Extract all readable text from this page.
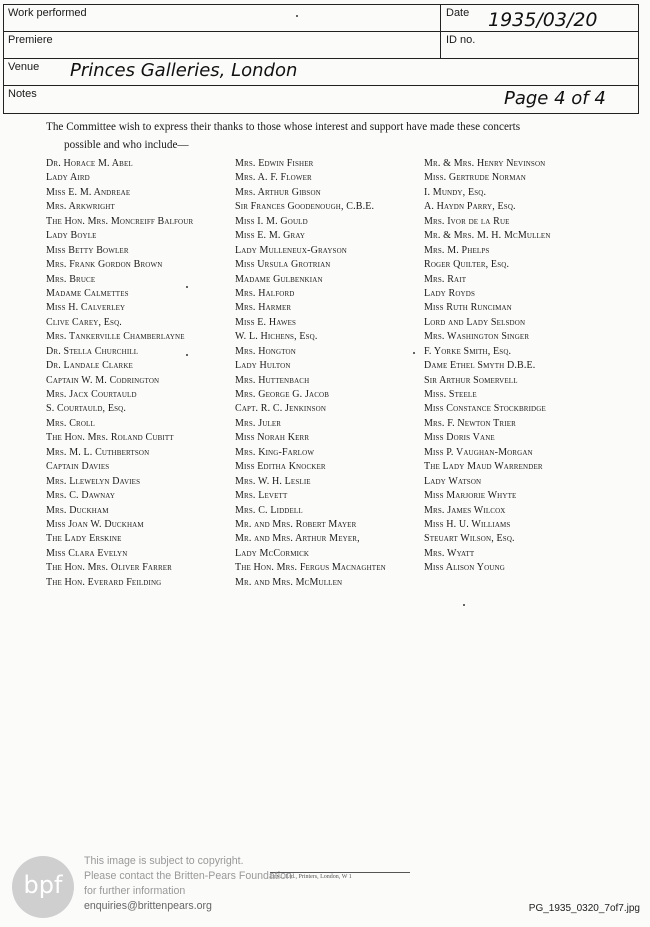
Work performed	Date 1935/03/20
Premiere	ID no.
Venue Princes Galleries, London
Notes	Page 4 of 4
The Committee wish to express their thanks to those whose interest and support have made these concerts
possible and who include—
Dr. Horace M. Abel
Lady Aird
Miss E. M. Andreae
Mrs. Arkwright
The Hon. Mrs. Moncreiff Balfour
Lady Boyle
Miss Betty Bowler
Mrs. Frank Gordon Brown
Mrs. Bruce
Madame Calmettes
Miss H. Calverley
Clive Carey, Esq.
Mrs. Tankerville Chamberlayne
Dr. Stella Churchill
Dr. Landale Clarke
Captain W. M. Codrington
Mrs. Jacx Courtauld
S. Courtauld, Esq.
Mrs. Croll
The Hon. Mrs. Roland Cubitt
Mrs. M. L. Cuthbertson
Captain Davies
Mrs. Llewelyn Davies
Mrs. C. Dawnay
Mrs. Duckham
Miss Joan W. Duckham
The Lady Erskine
Miss Clara Evelyn
The Hon. Mrs. Oliver Farrer
The Hon. Everard Feilding
Mrs. Edwin Fisher
Mrs. A. F. Flower
Mrs. Arthur Gibson
Sir Frances Goodenough, C.B.E.
Miss I. M. Gould
Miss E. M. Gray
Lady Mulleneux-Grayson
Miss Ursula Grotrian
Madame Gulbenkian
Mrs. Halford
Mrs. Harmer
Miss E. Hawes
W. L. Hichens, Esq.
Mrs. Hongton
Lady Hulton
Mrs. Huttenbach
Mrs. George G. Jacob
Capt. R. C. Jenkinson
Mrs. Juler
Miss Norah Kerr
Mrs. King-Farlow
Miss Editha Knocker
Mrs. W. H. Leslie
Mrs. Levett
Mrs. C. Liddell
Mr. and Mrs. Robert Mayer
Mr. and Mrs. Arthur Meyer,
Lady McCormick
The Hon. Mrs. Fergus Macnaghten
Mr. and Mrs. McMullen
Mr. & Mrs. Henry Nevinson
Miss. Gertrude Norman
I. Mundy, Esq.
A. Haydn Parry, Esq.
Mrs. Ivor de la Rue
Mr. & Mrs. M. H. McMullen
Mrs. M. Phelps
Roger Quilter, Esq.
Mrs. Rait
Lady Royds
Miss Ruth Runciman
Lord and Lady Selsdon
Mrs. Washington Singer
F. Yorke Smith, Esq.
Dame Ethel Smyth D.B.E.
Sir Arthur Somervell
Miss. Steele
Miss Constance Stockbridge
Mrs. F. Newton Trier
Miss Doris Vane
Miss P. Vaughan-Morgan
The Lady Maud Warrender
Lady Watson
Miss Marjorie Whyte
Mrs. James Wilcox
Miss H. U. Williams
Steuart Wilson, Esq.
Mrs. Wyatt
Miss Alison Young
Lᴏɴ... Ltd., Printers, London, W 1
bpf
This image is subject to copyright.
Please contact the Britten-Pears Foundation
for further information
enquiries@brittenpears.org	PG_1935_0320_7of7.jpg
